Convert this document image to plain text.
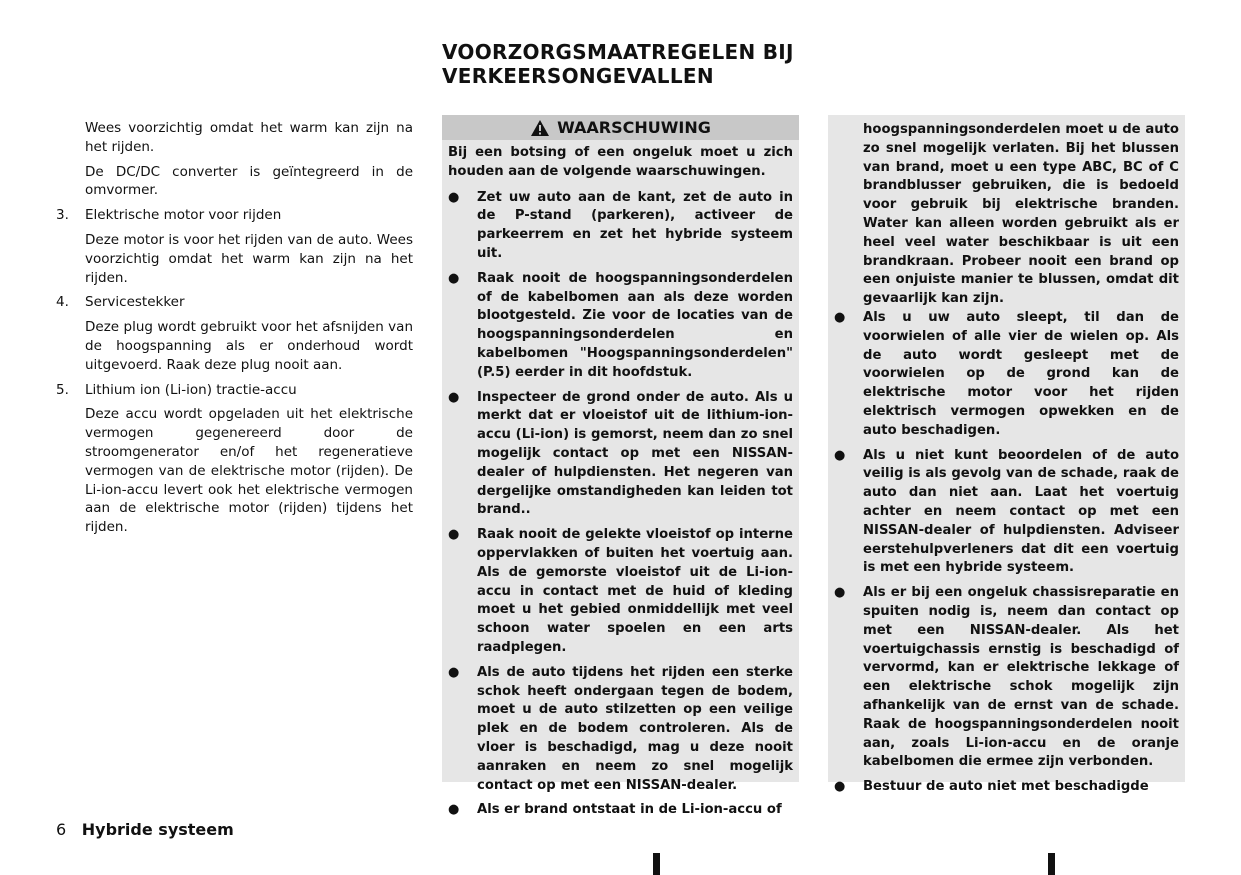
VOORZORGSMAATREGELEN BIJ
VERKEERSONGEVALLEN

Wees voorzichtig omdat het warm kan zijn na het rijden.

De DC/DC converter is geïntegreerd in de omvormer.

3.	Elektrische motor voor rijden

Deze motor is voor het rijden van de auto. Wees voorzichtig omdat het warm kan zijn na het rijden.

4.	Servicestekker

Deze plug wordt gebruikt voor het afsnijden van de hoogspanning als er onderhoud wordt uitgevoerd. Raak deze plug nooit aan.

5.	Lithium ion (Li-ion) tractie-accu

Deze accu wordt opgeladen uit het elektrische vermogen gegenereerd door de stroomgenerator en/of het regeneratieve vermogen van de elektrische motor (rijden). De Li-ion-accu levert ook het elektrische vermogen aan de elektrische motor (rijden) tijdens het rijden.

WAARSCHUWING

Bij een botsing of een ongeluk moet u zich houden aan de volgende waarschuwingen.

●	Zet uw auto aan de kant, zet de auto in de P-stand (parkeren), activeer de parkeerrem en zet het hybride systeem uit.
●	Raak nooit de hoogspanningsonderdelen of de kabelbomen aan als deze worden blootgesteld. Zie voor de locaties van de hoogspanningsonderdelen en kabelbomen "Hoogspanningsonderdelen" (P.5) eerder in dit hoofdstuk.
●	Inspecteer de grond onder de auto. Als u merkt dat er vloeistof uit de lithium-ion-accu (Li-ion) is gemorst, neem dan zo snel mogelijk contact op met een NISSAN-dealer of hulpdiensten. Het negeren van dergelijke omstandigheden kan leiden tot brand..
●	Raak nooit de gelekte vloeistof op interne oppervlakken of buiten het voertuig aan. Als de gemorste vloeistof uit de Li-ion-accu in contact met de huid of kleding moet u het gebied onmiddellijk met veel schoon water spoelen en een arts raadplegen.
●	Als de auto tijdens het rijden een sterke schok heeft ondergaan tegen de bodem, moet u de auto stilzetten op een veilige plek en de bodem controleren. Als de vloer is beschadigd, mag u deze nooit aanraken en neem zo snel mogelijk contact op met een NISSAN-dealer.
●	Als er brand ontstaat in de Li-ion-accu of

hoogspanningsonderdelen moet u de auto zo snel mogelijk verlaten. Bij het blussen van brand, moet u een type ABC, BC of C brandblusser gebruiken, die is bedoeld voor gebruik bij elektrische branden. Water kan alleen worden gebruikt als er heel veel water beschikbaar is uit een brandkraan. Probeer nooit een brand op een onjuiste manier te blussen, omdat dit gevaarlijk kan zijn.

●	Als u uw auto sleept, til dan de voorwielen of alle vier de wielen op. Als de auto wordt gesleept met de voorwielen op de grond kan de elektrische motor voor het rijden elektrisch vermogen opwekken en de auto beschadigen.
●	Als u niet kunt beoordelen of de auto veilig is als gevolg van de schade, raak de auto dan niet aan. Laat het voertuig achter en neem contact op met een NISSAN-dealer of hulpdiensten. Adviseer eerstehulpverleners dat dit een voertuig is met een hybride systeem.
●	Als er bij een ongeluk chassisreparatie en spuiten nodig is, neem dan contact op met een NISSAN-dealer. Als het voertuigchassis ernstig is beschadigd of vervormd, kan er elektrische lekkage of een elektrische schok mogelijk zijn afhankelijk van de ernst van de schade. Raak de hoogspanningsonderdelen nooit aan, zoals Li-ion-accu en de oranje kabelbomen die ermee zijn verbonden.
●	Bestuur de auto niet met beschadigde
6 Hybride systeem
